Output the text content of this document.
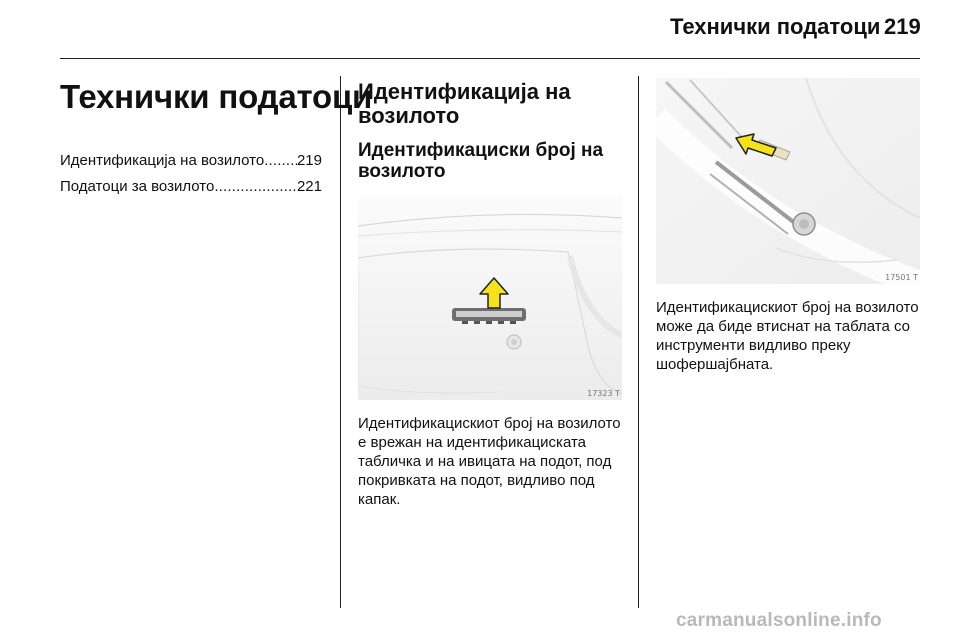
Технички податоци 219
Технички податоци
Идентификација на возилото . . . 219
Податоци за возилото . . .	221
Идентификација на возилото
Идентификациски број на возилото
17323 T
Идентификацискиот број на возилото е врежан на идентификациската табличка и на ивицата на подот, под покривката на подот, видливо под капак.
17501 T
Идентификацискиот број на возилото може да биде втиснат на таблата со инструменти видливо преку шофершајбната.
carmanualsonline.info
